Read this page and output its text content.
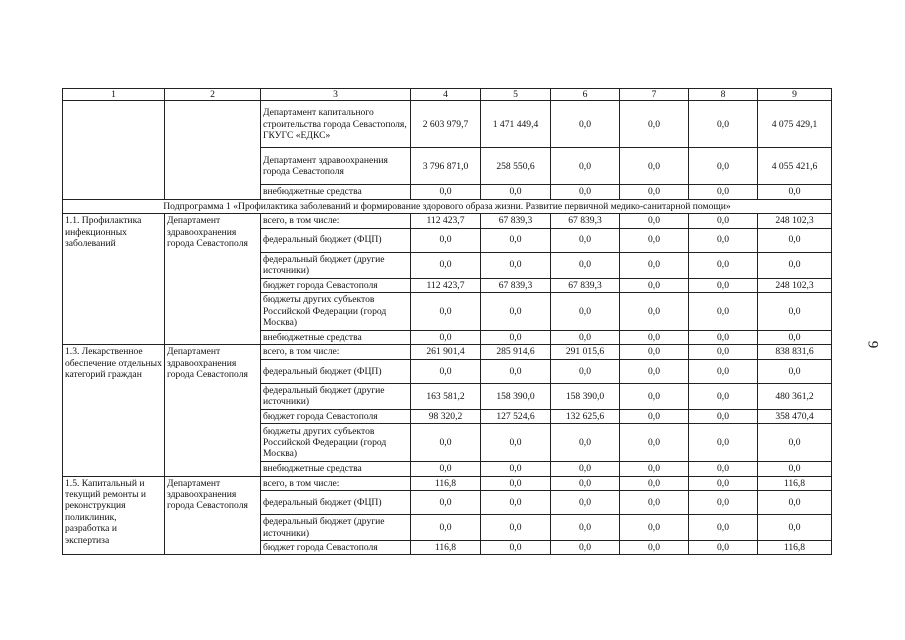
1	2	3	4	5	6	7	8	9
		Департамент капитального строительства города Севастополя, ГКУГС «ЕДКС»	2 603 979,7	1 471 449,4	0,0	0,0	0,0	4 075 429,1
		Департамент здравоохранения города Севастополя	3 796 871,0	258 550,6	0,0	0,0	0,0	4 055 421,6
		внебюджетные средства	0,0	0,0	0,0	0,0	0,0	0,0
Подпрограмма 1 «Профилактика заболеваний и формирование здорового образа жизни. Развитие первичной медико-санитарной помощи»								
1.1. Профилактика инфекционных заболеваний	Департамент здравоохранения города Севастополя	всего, в том числе:	112 423,7	67 839,3	67 839,3	0,0	0,0	248 102,3
		федеральный бюджет (ФЦП)	0,0	0,0	0,0	0,0	0,0	0,0
		федеральный бюджет (другие источники)	0,0	0,0	0,0	0,0	0,0	0,0
		бюджет города Севастополя	112 423,7	67 839,3	67 839,3	0,0	0,0	248 102,3
		бюджеты других субъектов Российской Федерации (город Москва)	0,0	0,0	0,0	0,0	0,0	0,0
		внебюджетные средства	0,0	0,0	0,0	0,0	0,0	0,0
1.3. Лекарственное обеспечение отдельных категорий граждан	Департамент здравоохранения города Севастополя	всего, в том числе:	261 901,4	285 914,6	291 015,6	0,0	0,0	838 831,6
		федеральный бюджет (ФЦП)	0,0	0,0	0,0	0,0	0,0	0,0
		федеральный бюджет (другие источники)	163 581,2	158 390,0	158 390,0	0,0	0,0	480 361,2
		бюджет города Севастополя	98 320,2	127 524,6	132 625,6	0,0	0,0	358 470,4
		бюджеты других субъектов Российской Федерации (город Москва)	0,0	0,0	0,0	0,0	0,0	0,0
		внебюджетные средства	0,0	0,0	0,0	0,0	0,0	0,0
1.5. Капитальный и текущий ремонты и реконструкция поликлиник, разработка и экспертиза	Департамент здравоохранения города Севастополя	всего, в том числе:	116,8	0,0	0,0	0,0	0,0	116,8
		федеральный бюджет (ФЦП)	0,0	0,0	0,0	0,0	0,0	0,0
		федеральный бюджет (другие источники)	0,0	0,0	0,0	0,0	0,0	0,0
		бюджет города Севастополя	116,8	0,0	0,0	0,0	0,0	116,8
9
